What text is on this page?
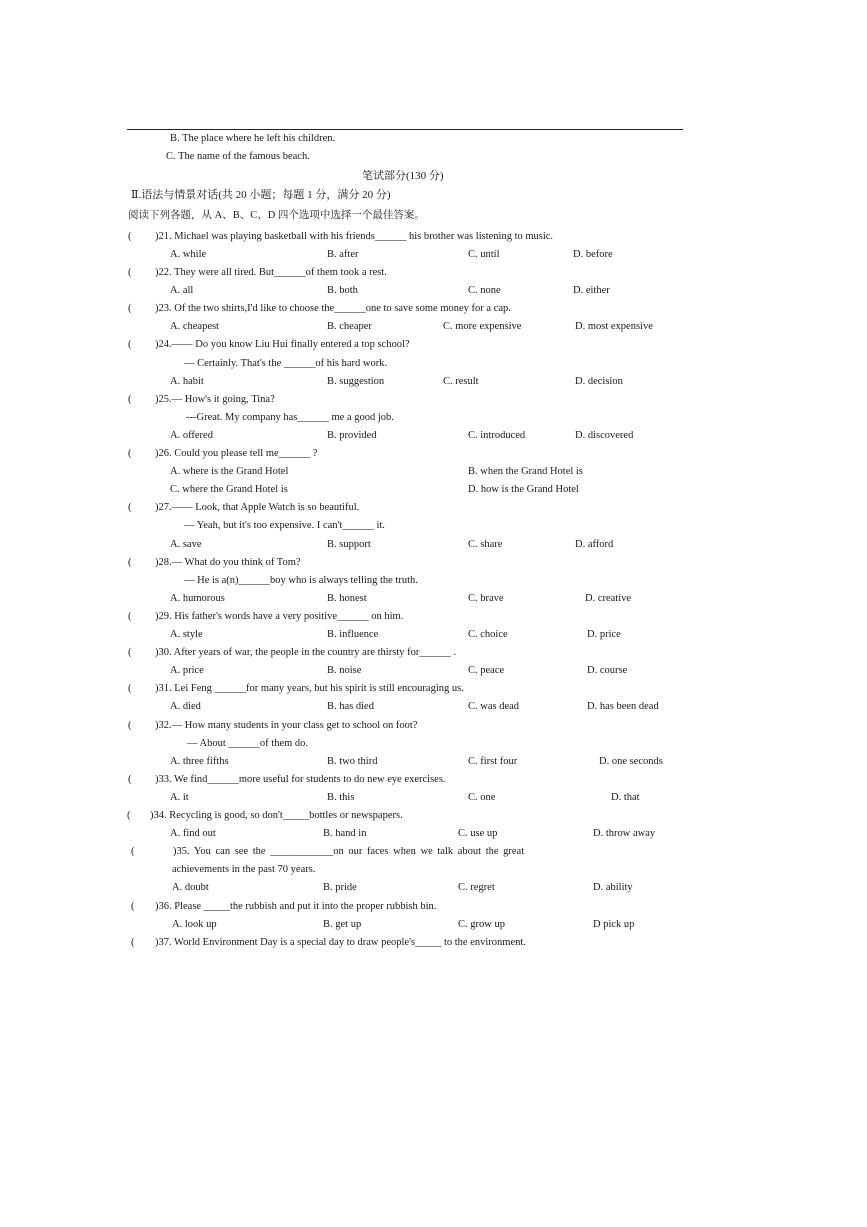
B. The place where he left his children.
C. The name of the famous beach.
笔试部分(130 分)
Ⅱ.语法与情景对话(共 20 小题；每题 1 分，满分 20 分)
阅读下列各题，从 A、B、C、D 四个选项中选择一个最佳答案。
( )21. Michael was playing basketball with his friends______ his brother was listening to music.
A. while	B. after	C. until	D. before
( )22. They were all tired. But______of them took a rest.
A. all	B. both	C. none	D. either
( )23. Of the two shirts,I'd like to choose the______one to save some money for a cap.
A. cheapest	B. cheaper	C. more expensive	D. most expensive
( )24.—— Do you know Liu Hui finally entered a top school?
— Certainly. That's the ______of his hard work.
A. habit	B. suggestion	C. result	D. decision
( )25.— How's it going, Tina?
---Great. My company has______ me a good job.
A. offered	B. provided	C. introduced	D. discovered
( )26. Could you please tell me______ ?
A. where is the Grand Hotel	B. when the Grand Hotel is
C. where the Grand Hotel is	D. how is the Grand Hotel
( )27.—— Look, that Apple Watch is so beautiful.
— Yeah, but it's too expensive. I can't______ it.
A. save	B. support	C. share	D. afford
( )28.— What do you think of Tom?
— He is a(n)______boy who is always telling the truth.
A. humorous	B. honest	C. brave	D. creative
( )29. His father's words have a very positive______ on him.
A. style	B. influence	C. choice	D. price
( )30. After years of war, the people in the country are thirsty for______ .
A. price	B. noise	C. peace	D. course
( )31. Lei Feng ______for many years, but his spirit is still encouraging us.
A. died	B. has died	C. was dead	D. has been dead
( )32.— How many students in your class get to school on foot?
— About ______of them do.
A. three fifths	B. two third	C. first four	D. one seconds
( )33. We find______more useful for students to do new eye exercises.
A. it	B. this	C. one	D. that
( )34. Recycling is good, so don't_____bottles or newspapers.
A. find out	B. hand in	C. use up	D. throw away
(	)35. You can see the ____________on our faces when we talk about the great
achievements in the past 70 years.
A. doubt	B. pride	C. regret	D. ability
( )36. Please _____the rubbish and put it into the proper rubbish bin.
A. look up	B. get up	C. grow up	D pick up
( )37. World Environment Day is a special day to draw people's_____ to the environment.
